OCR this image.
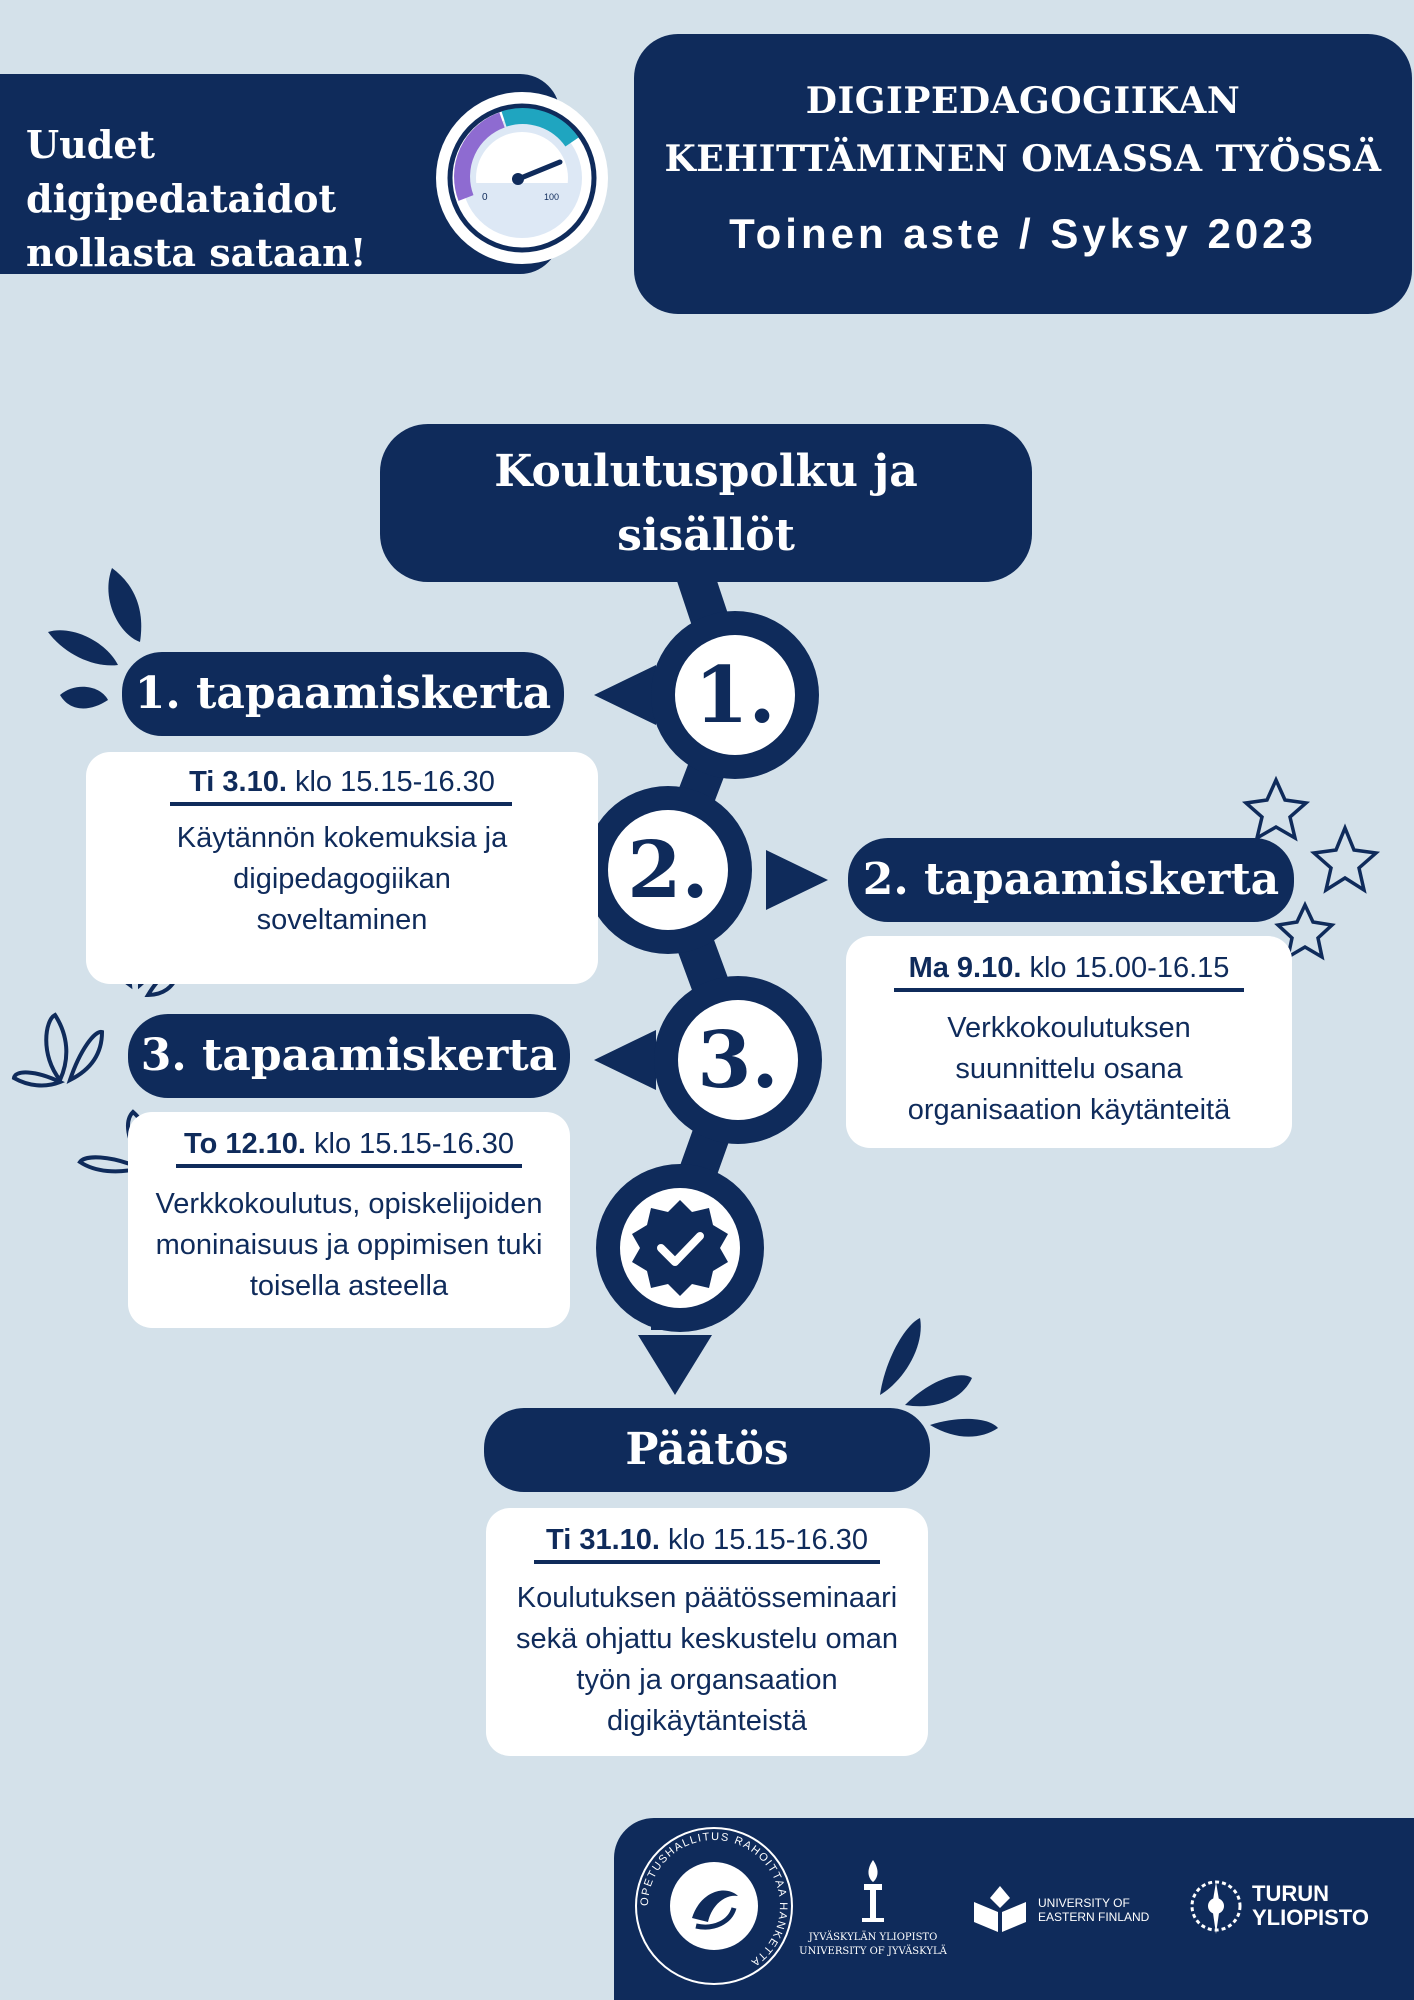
Uudet digipedataidot
nollasta sataan!
0	100
DIGIPEDAGOGIIKAN
KEHITTÄMINEN OMASSA TYÖSSÄ
Toinen aste / Syksy 2023
1.
2.
3.
Koulutuspolku ja
sisällöt
1. tapaamiskerta
Ti 3.10. klo 15.15-16.30
Käytännön kokemuksia ja
digipedagogiikan
soveltaminen
2. tapaamiskerta
Ma 9.10. klo 15.00-16.15
Verkkokoulutuksen
suunnittelu osana
organisaation käytänteitä
3. tapaamiskerta
To 12.10. klo 15.15-16.30
Verkkokoulutus, opiskelijoiden
moninaisuus ja oppimisen tuki
toisella asteella
Päätös
Ti 31.10. klo 15.15-16.30
Koulutuksen päätösseminaari
sekä ohjattu keskustelu oman
työn ja organsaation
digikäytänteistä
OPETUSHALLITUS RAHOITTAA HANKETTA
JYVÄSKYLÄN YLIOPISTO
UNIVERSITY OF JYVÄSKYLÄ
UNIVERSITY OF
EASTERN FINLAND
TURUN
YLIOPISTO
